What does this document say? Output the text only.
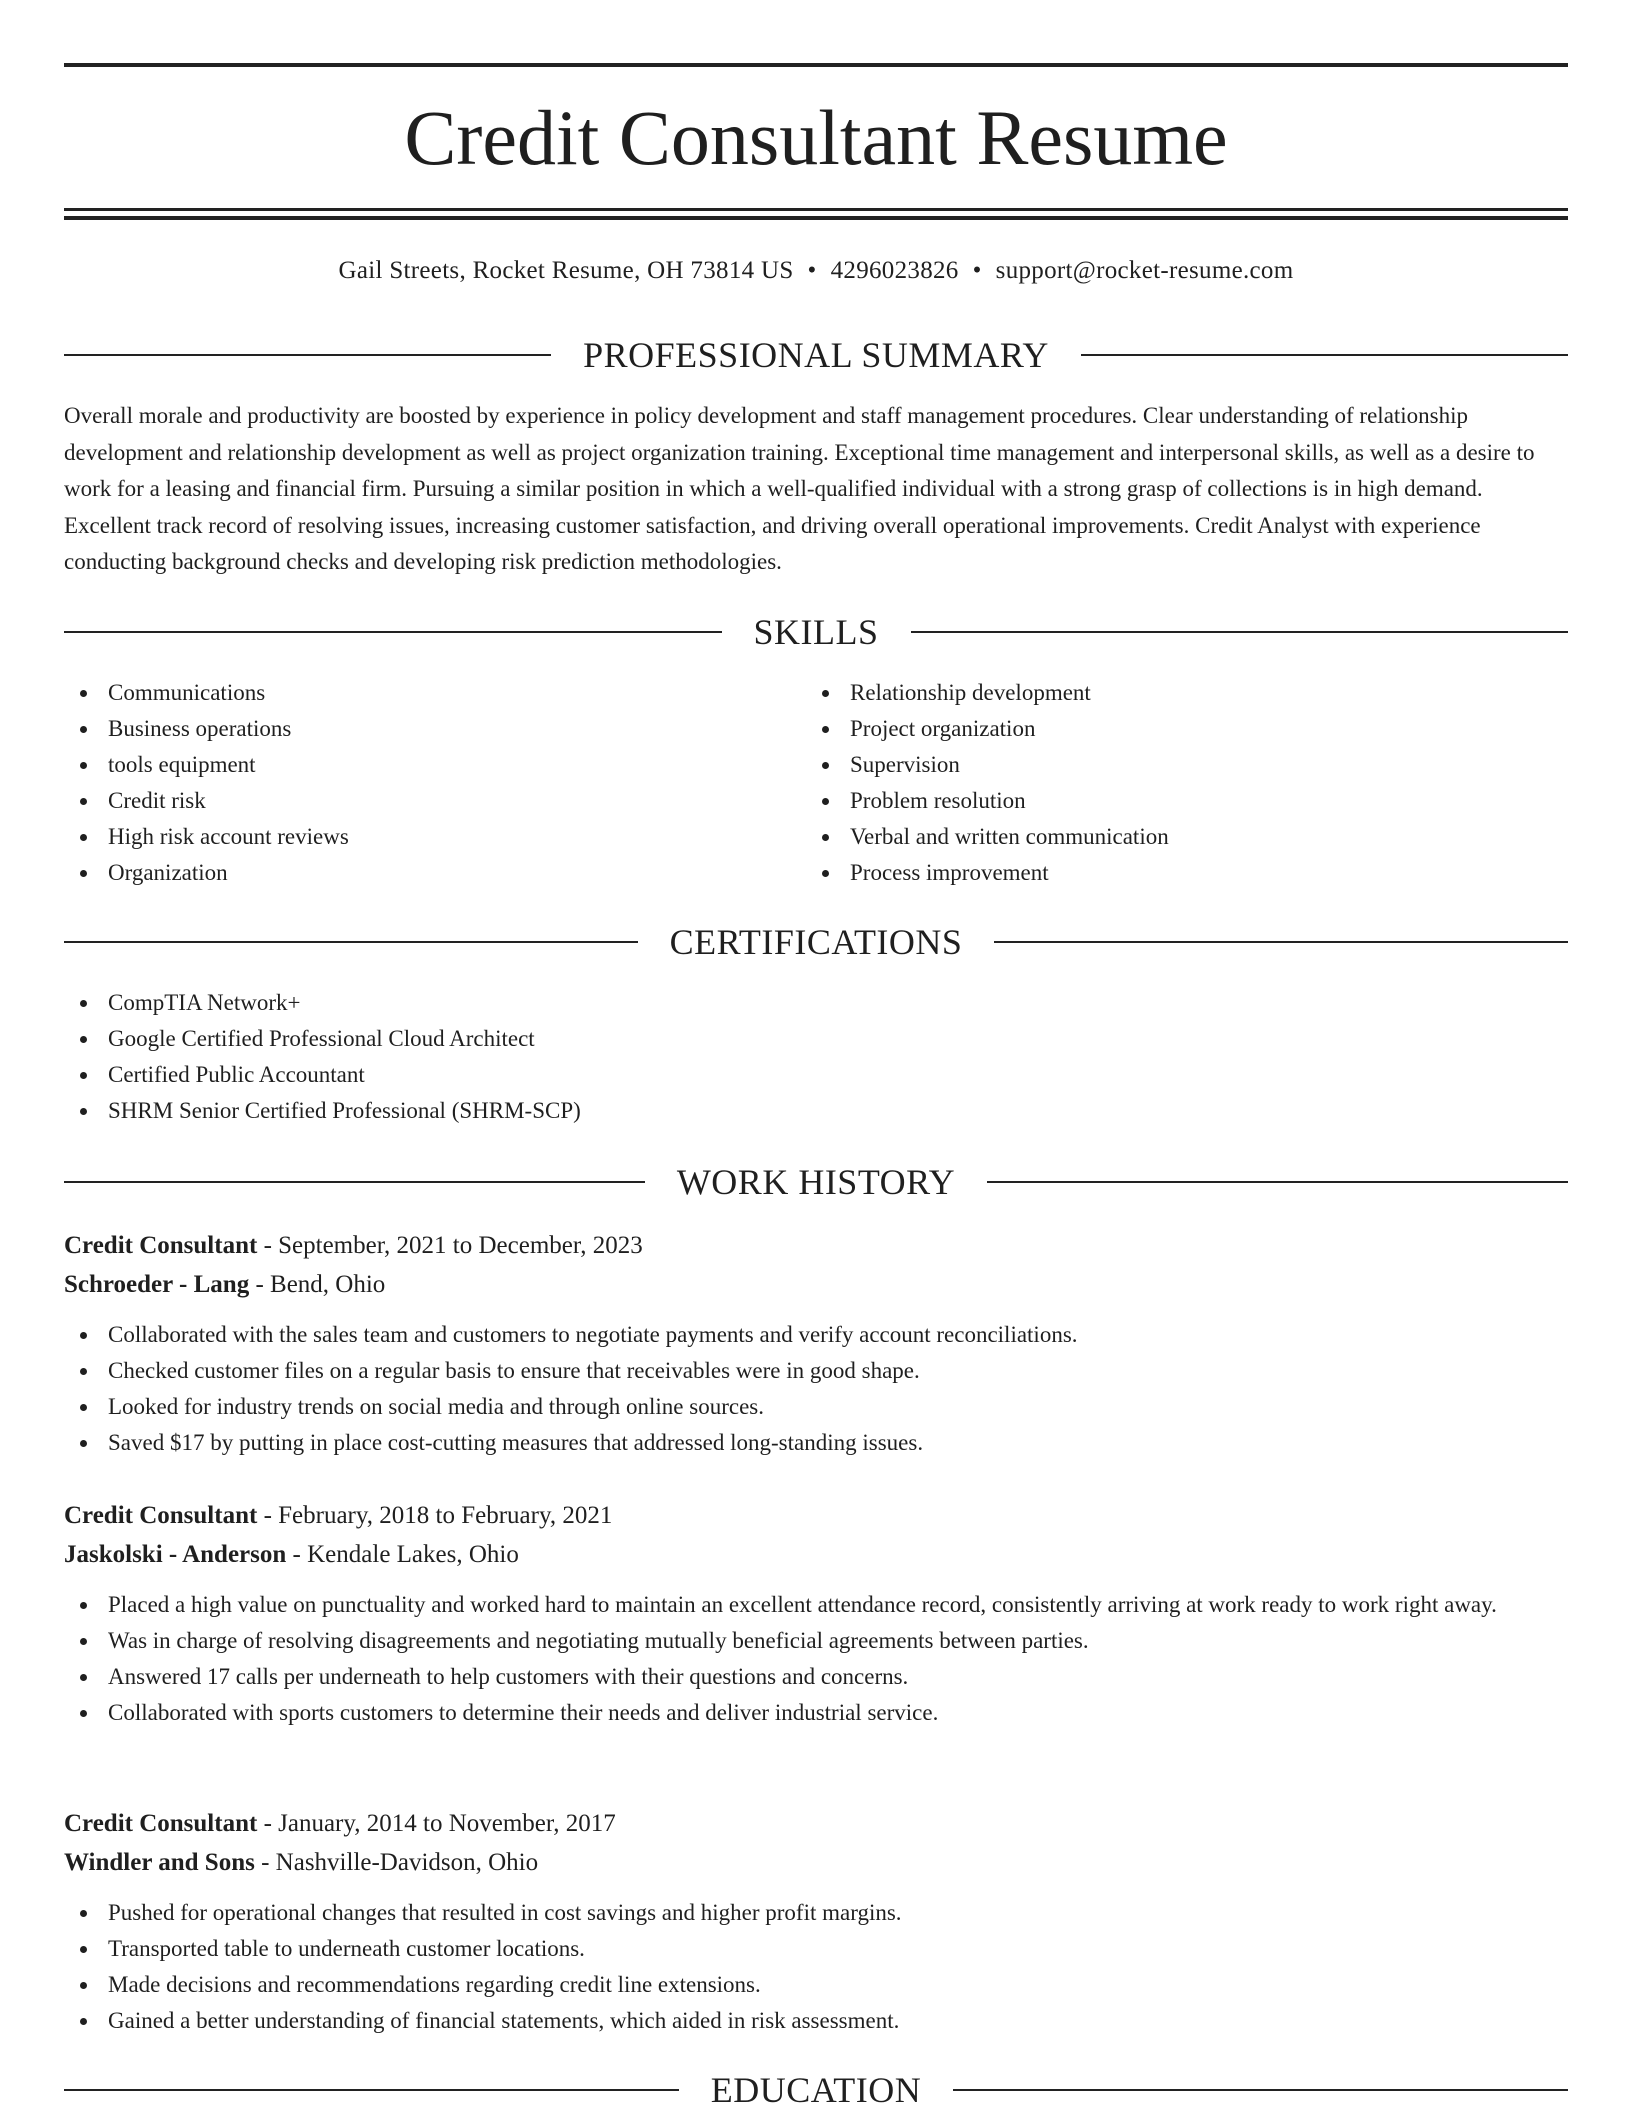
Credit Consultant Resume
Gail Streets, Rocket Resume, OH 73814 US • 4296023826 • support@rocket-resume.com
PROFESSIONAL SUMMARY

Overall morale and productivity are boosted by experience in policy development and staff management procedures. Clear understanding of relationship development and relationship development as well as project organization training. Exceptional time management and interpersonal skills, as well as a desire to work for a leasing and financial firm. Pursuing a similar position in which a well-qualified individual with a strong grasp of collections is in high demand. Excellent track record of resolving issues, increasing customer satisfaction, and driving overall operational improvements. Credit Analyst with experience conducting background checks and developing risk prediction methodologies.

SKILLS
Communications
Business operations
tools equipment
Credit risk
High risk account reviews
Organization
Relationship development
Project organization
Supervision
Problem resolution
Verbal and written communication
Process improvement
CERTIFICATIONS
CompTIA Network+
Google Certified Professional Cloud Architect
Certified Public Accountant
SHRM Senior Certified Professional (SHRM-SCP)
WORK HISTORY
Credit Consultant - September, 2021 to December, 2023
Schroeder - Lang - Bend, Ohio
Collaborated with the sales team and customers to negotiate payments and verify account reconciliations.
Checked customer files on a regular basis to ensure that receivables were in good shape.
Looked for industry trends on social media and through online sources.
Saved $17 by putting in place cost-cutting measures that addressed long-standing issues.
Credit Consultant - February, 2018 to February, 2021
Jaskolski - Anderson - Kendale Lakes, Ohio
Placed a high value on punctuality and worked hard to maintain an excellent attendance record, consistently arriving at work ready to work right away.
Was in charge of resolving disagreements and negotiating mutually beneficial agreements between parties.
Answered 17 calls per underneath to help customers with their questions and concerns.
Collaborated with sports customers to determine their needs and deliver industrial service.
Credit Consultant - January, 2014 to November, 2017
Windler and Sons - Nashville-Davidson, Ohio
Pushed for operational changes that resulted in cost savings and higher profit margins.
Transported table to underneath customer locations.
Made decisions and recommendations regarding credit line extensions.
Gained a better understanding of financial statements, which aided in risk assessment.
EDUCATION
